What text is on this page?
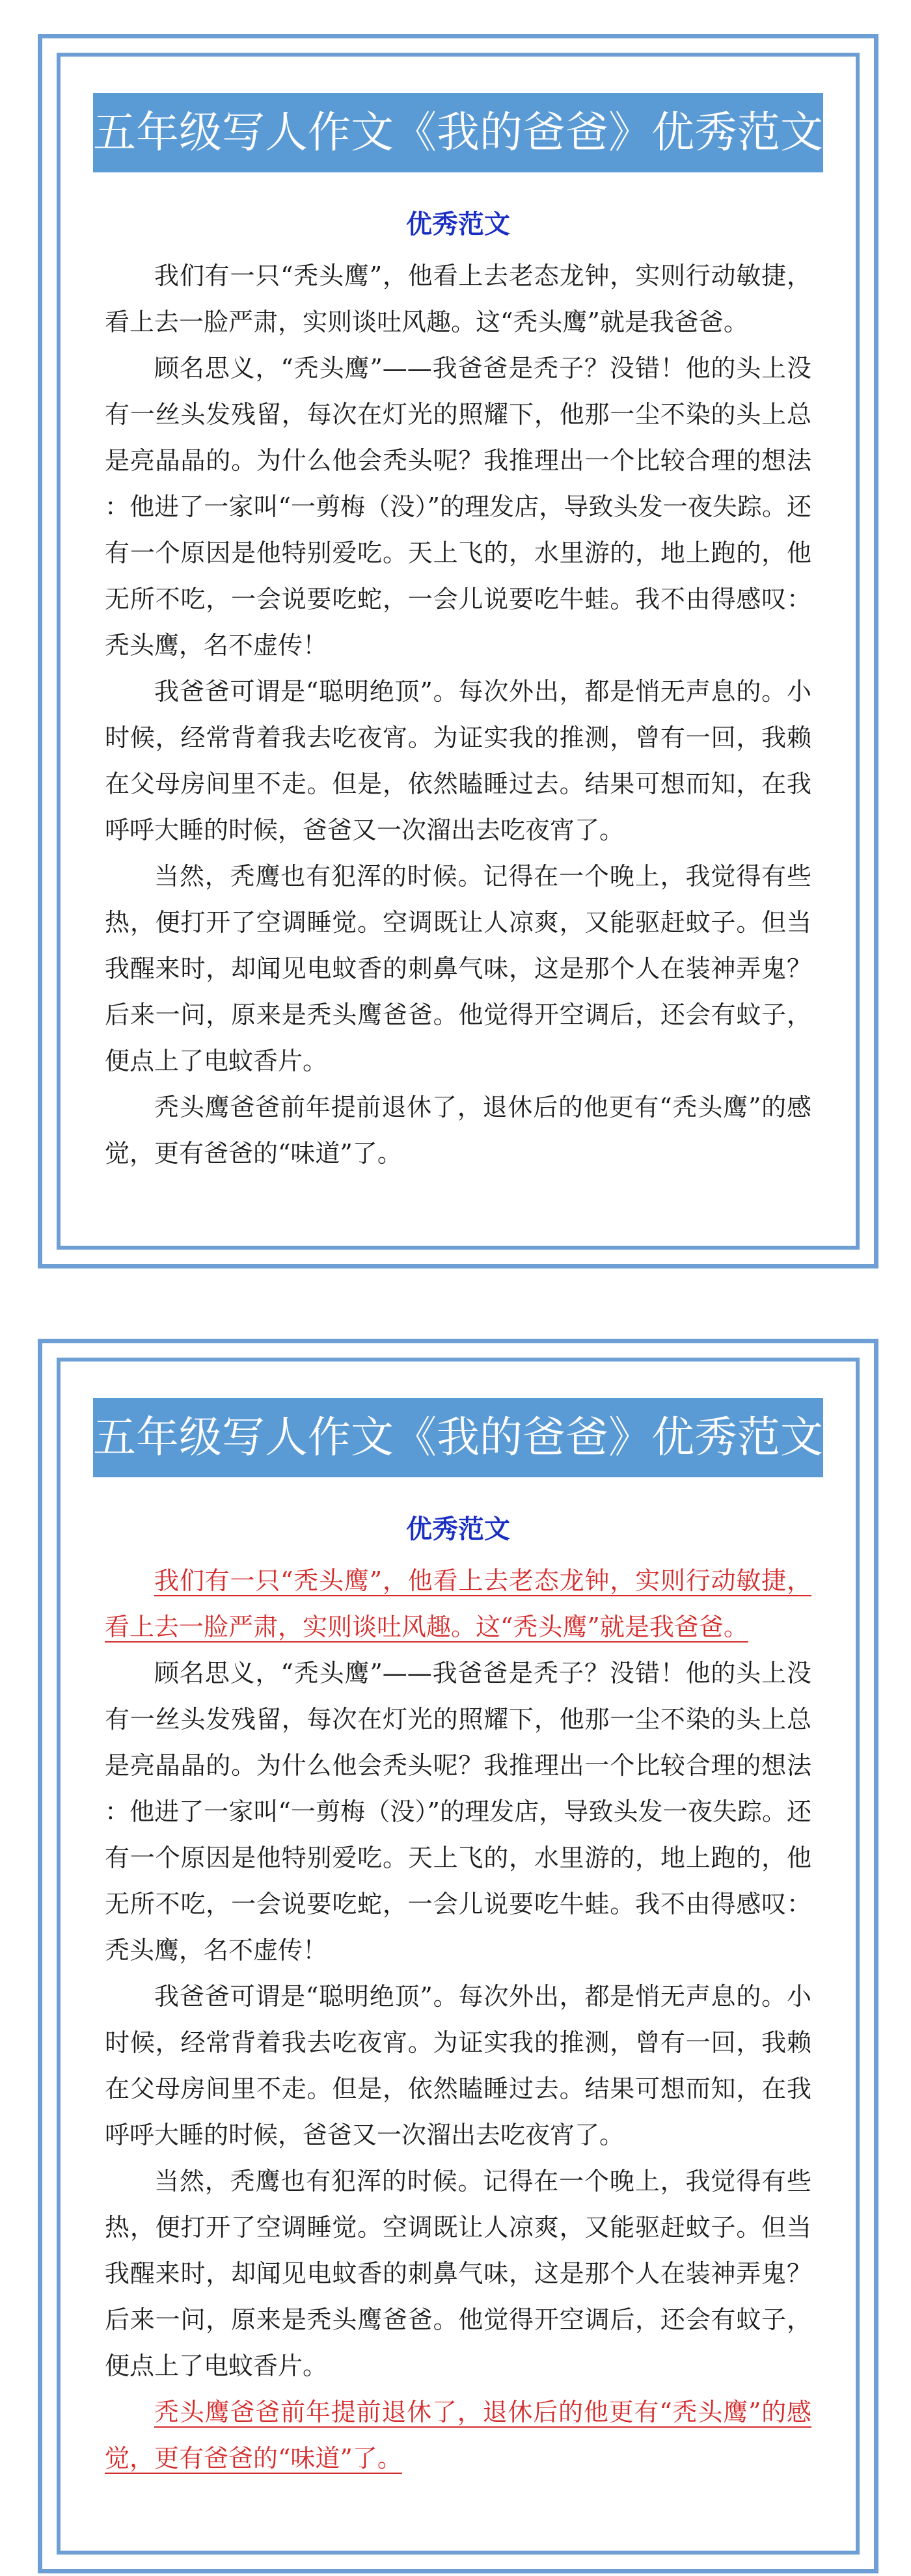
五年级写人作文《我的爸爸》优秀范文
优秀范文

我们有一只“秃头鹰”，他看上去老态龙钟，实则行动敏捷，看上去一脸严肃，实则谈吐风趣。这“秃头鹰”就是我爸爸。

顾名思义，“秃头鹰”——我爸爸是秃子？没错！他的头上没有一丝头发残留，每次在灯光的照耀下，他那一尘不染的头上总是亮晶晶的。为什么他会秃头呢？我推理出一个比较合理的想法：他进了一家叫“一剪梅（没）”的理发店，导致头发一夜失踪。还有一个原因是他特别爱吃。天上飞的，水里游的，地上跑的，他无所不吃，一会说要吃蛇，一会儿说要吃牛蛙。我不由得感叹：秃头鹰，名不虚传！

我爸爸可谓是“聪明绝顶”。每次外出，都是悄无声息的。小时候，经常背着我去吃夜宵。为证实我的推测，曾有一回，我赖在父母房间里不走。但是，依然瞌睡过去。结果可想而知，在我呼呼大睡的时候，爸爸又一次溜出去吃夜宵了。

当然，秃鹰也有犯浑的时候。记得在一个晚上，我觉得有些热，便打开了空调睡觉。空调既让人凉爽，又能驱赶蚊子。但当我醒来时，却闻见电蚊香的刺鼻气味，这是那个人在装神弄鬼？后来一问，原来是秃头鹰爸爸。他觉得开空调后，还会有蚊子，便点上了电蚊香片。

秃头鹰爸爸前年提前退休了，退休后的他更有“秃头鹰”的感觉，更有爸爸的“味道”了。

五年级写人作文《我的爸爸》优秀范文
优秀范文

我们有一只“秃头鹰”，他看上去老态龙钟，实则行动敏捷，看上去一脸严肃，实则谈吐风趣。这“秃头鹰”就是我爸爸。

顾名思义，“秃头鹰”——我爸爸是秃子？没错！他的头上没有一丝头发残留，每次在灯光的照耀下，他那一尘不染的头上总是亮晶晶的。为什么他会秃头呢？我推理出一个比较合理的想法：他进了一家叫“一剪梅（没）”的理发店，导致头发一夜失踪。还有一个原因是他特别爱吃。天上飞的，水里游的，地上跑的，他无所不吃，一会说要吃蛇，一会儿说要吃牛蛙。我不由得感叹：秃头鹰，名不虚传！

我爸爸可谓是“聪明绝顶”。每次外出，都是悄无声息的。小时候，经常背着我去吃夜宵。为证实我的推测，曾有一回，我赖在父母房间里不走。但是，依然瞌睡过去。结果可想而知，在我呼呼大睡的时候，爸爸又一次溜出去吃夜宵了。

当然，秃鹰也有犯浑的时候。记得在一个晚上，我觉得有些热，便打开了空调睡觉。空调既让人凉爽，又能驱赶蚊子。但当我醒来时，却闻见电蚊香的刺鼻气味，这是那个人在装神弄鬼？后来一问，原来是秃头鹰爸爸。他觉得开空调后，还会有蚊子，便点上了电蚊香片。

秃头鹰爸爸前年提前退休了，退休后的他更有“秃头鹰”的感觉，更有爸爸的“味道”了。
